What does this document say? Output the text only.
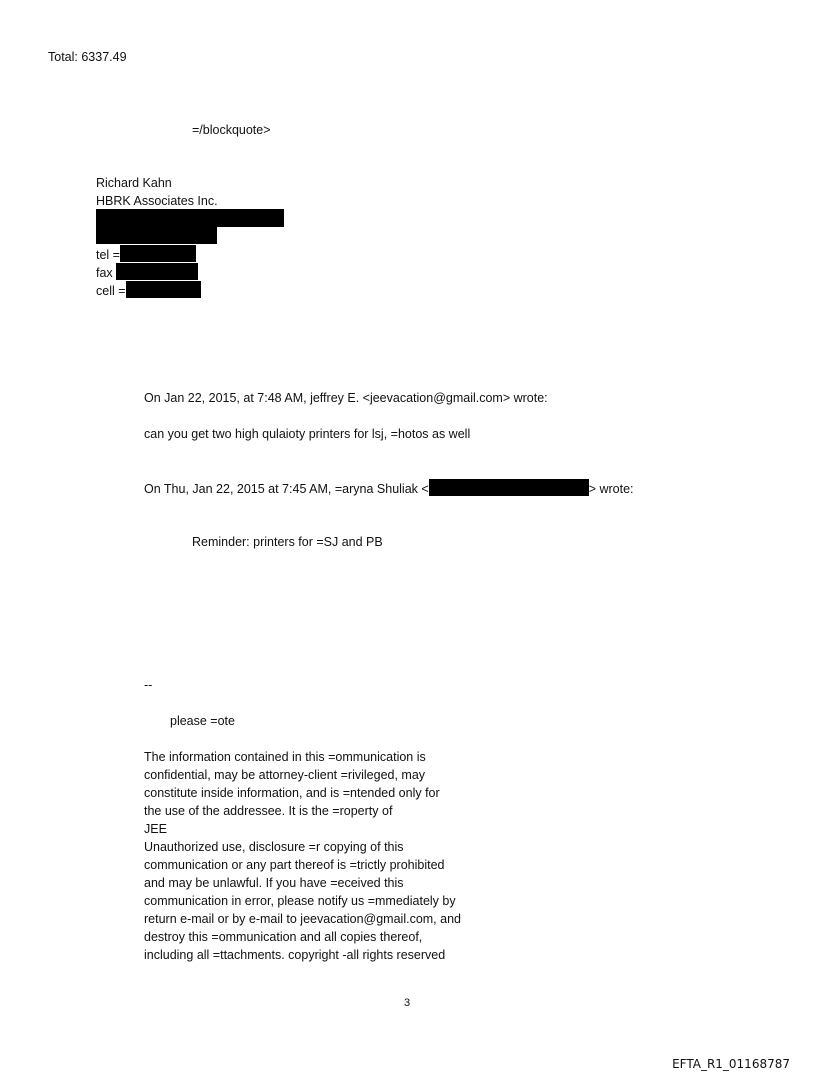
Total: 6337.49
=/blockquote>
Richard Kahn
HBRK Associates Inc.
tel =
fax
cell =
On Jan 22, 2015, at 7:48 AM, jeffrey E. <jeevacation@gmail.com> wrote:
can you get two high qulaioty printers for lsj, =hotos as well
On Thu, Jan 22, 2015 at 7:45 AM, =aryna Shuliak <	> wrote:
Reminder: printers for =SJ and PB
--
please =ote
The information contained in this =ommunication is
confidential, may be attorney-client =rivileged, may
constitute inside information, and is =ntended only for
the use of the addressee. It is the =roperty of
JEE
Unauthorized use, disclosure =r copying of this
communication or any part thereof is =trictly prohibited
and may be unlawful. If you have =eceived this
communication in error, please notify us =mmediately by
return e-mail or by e-mail to jeevacation@gmail.com, and
destroy this =ommunication and all copies thereof,
including all =ttachments. copyright -all rights reserved
3
EFTA_R1_01168787
